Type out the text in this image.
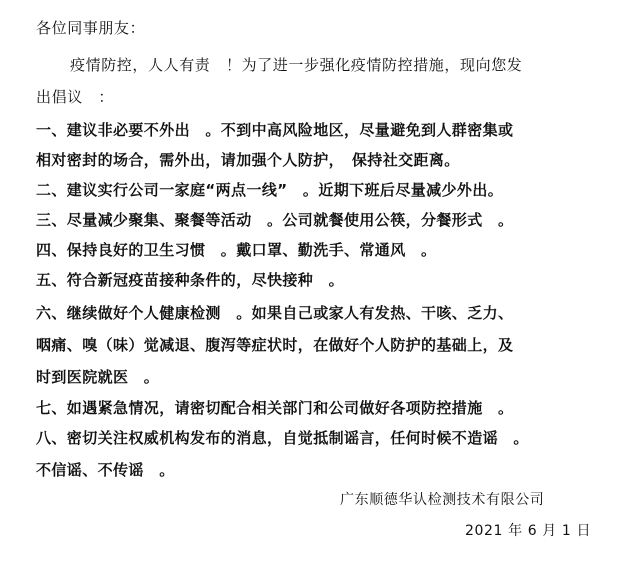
各位同事朋友：
疫情防控，人人有责　！为了进一步强化疫情防控措施，现向您发
出倡议　：
一、建议非必要不外出　。不到中高风险地区，尽量避免到人群密集或
相对密封的场合，需外出，请加强个人防护，　保持社交距离。
二、建议实行公司一家庭“两点一线”　。近期下班后尽量减少外出。
三、尽量减少聚集、聚餐等活动　。公司就餐使用公筷，分餐形式　。
四、保持良好的卫生习惯　。戴口罩、勤洗手、常通风　。
五、符合新冠疫苗接种条件的，尽快接种　。
六、继续做好个人健康检测　。如果自己或家人有发热、干咳、乏力、
咽痛、嗅（味）觉减退、腹泻等症状时，在做好个人防护的基础上，及
时到医院就医　。
七、如遇紧急情况，请密切配合相关部门和公司做好各项防控措施　。
八、密切关注权威机构发布的消息，自觉抵制谣言，任何时候不造谣　。
不信谣、不传谣　。
广东顺德华认检测技术有限公司
2021 年 6 月 1 日
